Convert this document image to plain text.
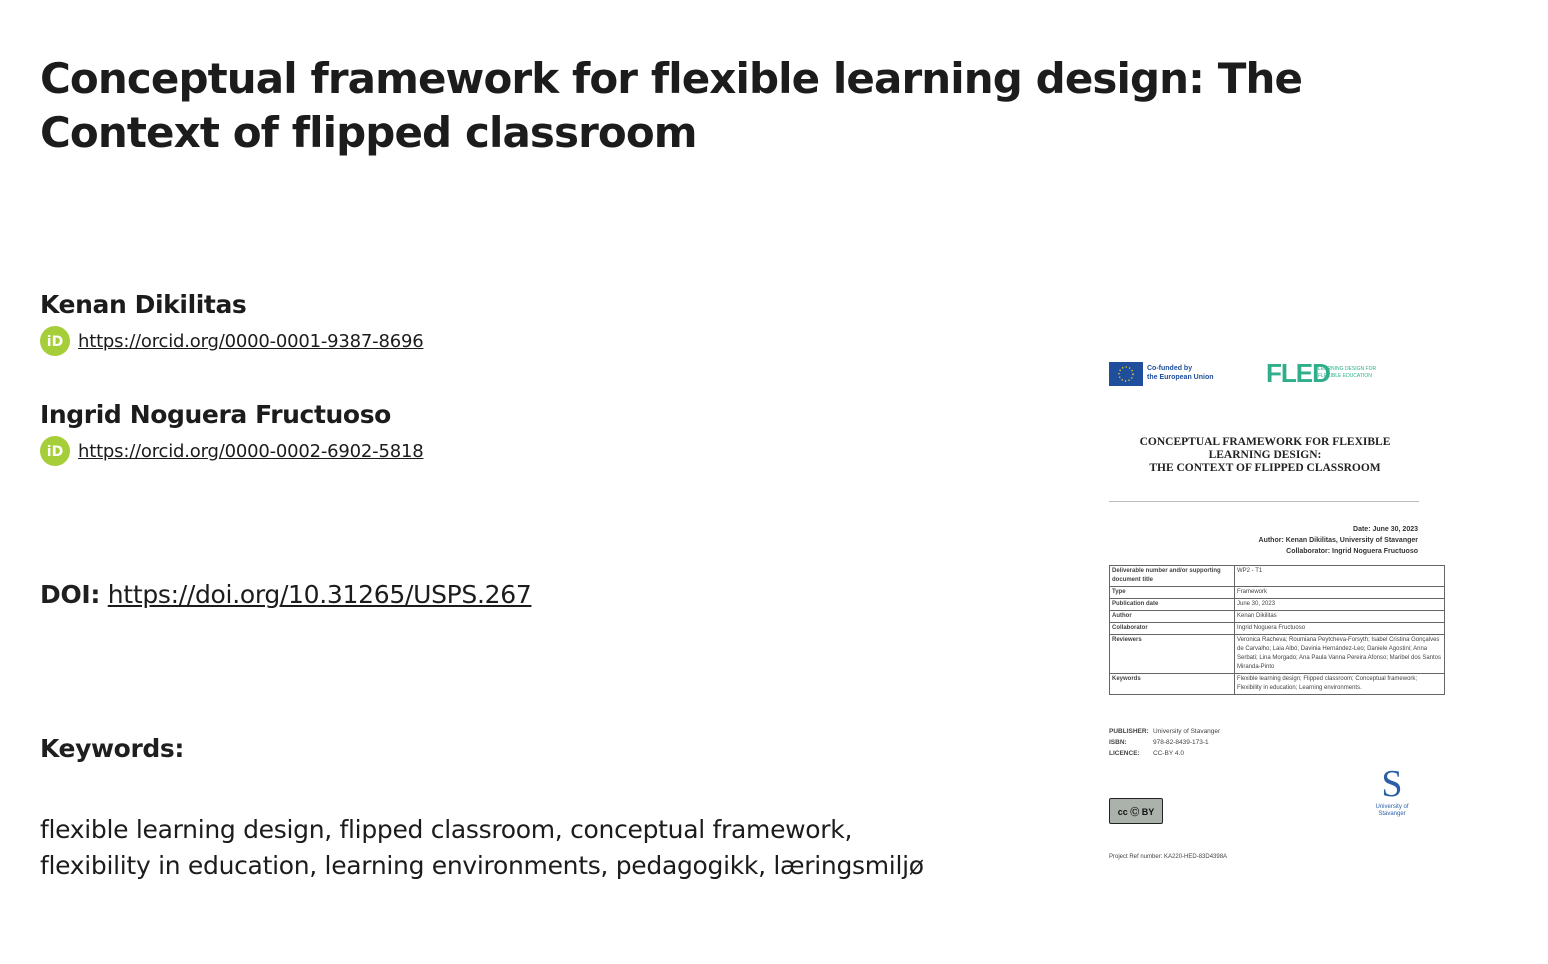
Conceptual framework for flexible learning design: The Context of flipped classroom
Kenan Dikilitas
iD https://orcid.org/0000-0001-9387-8696
Ingrid Noguera Fructuoso
iD https://orcid.org/0000-0002-6902-5818
DOI: https://doi.org/10.31265/USPS.267
Keywords:
flexible learning design, flipped classroom, conceptual framework, flexibility in education, learning environments, pedagogikk, læringsmiljø
Co-funded by
the European Union FLED
LEARNING DESIGN FOR FLEXIBLE EDUCATION
CONCEPTUAL FRAMEWORK FOR FLEXIBLE
LEARNING DESIGN:
THE CONTEXT OF FLIPPED CLASSROOM
Date: June 30, 2023
Author: Kenan Dikilitas, University of Stavanger
Collaborator: Ingrid Noguera Fructuoso
Deliverable number and/or supporting document title	WP2 - T1
Type	Framework
Publication date	June 30, 2023
Author	Kenan Dikilitas
Collaborator	Ingrid Noguera Fructuoso
Reviewers	Veronica Racheva; Roumiana Peytcheva-Forsyth; Isabel Cristina Gonçalves de Carvalho; Laia Albó; Davinia Hernández-Leo; Daniele Agostini; Anna Serbati; Lina Morgado; Ana Paula Vanna Pereira Afonso; Maribel dos Santos Miranda-Pinto
Keywords	Flexible learning design; Flipped classroom; Conceptual framework; Flexibility in education; Learning environments.
PUBLISHER: University of Stavanger
ISBN:	978-82-8439-173-1
LICENCE: CC-BY 4.0
cc Ⓒ BY
S
University of Stavanger
Project Ref number: KA220-HED-83D4398A
